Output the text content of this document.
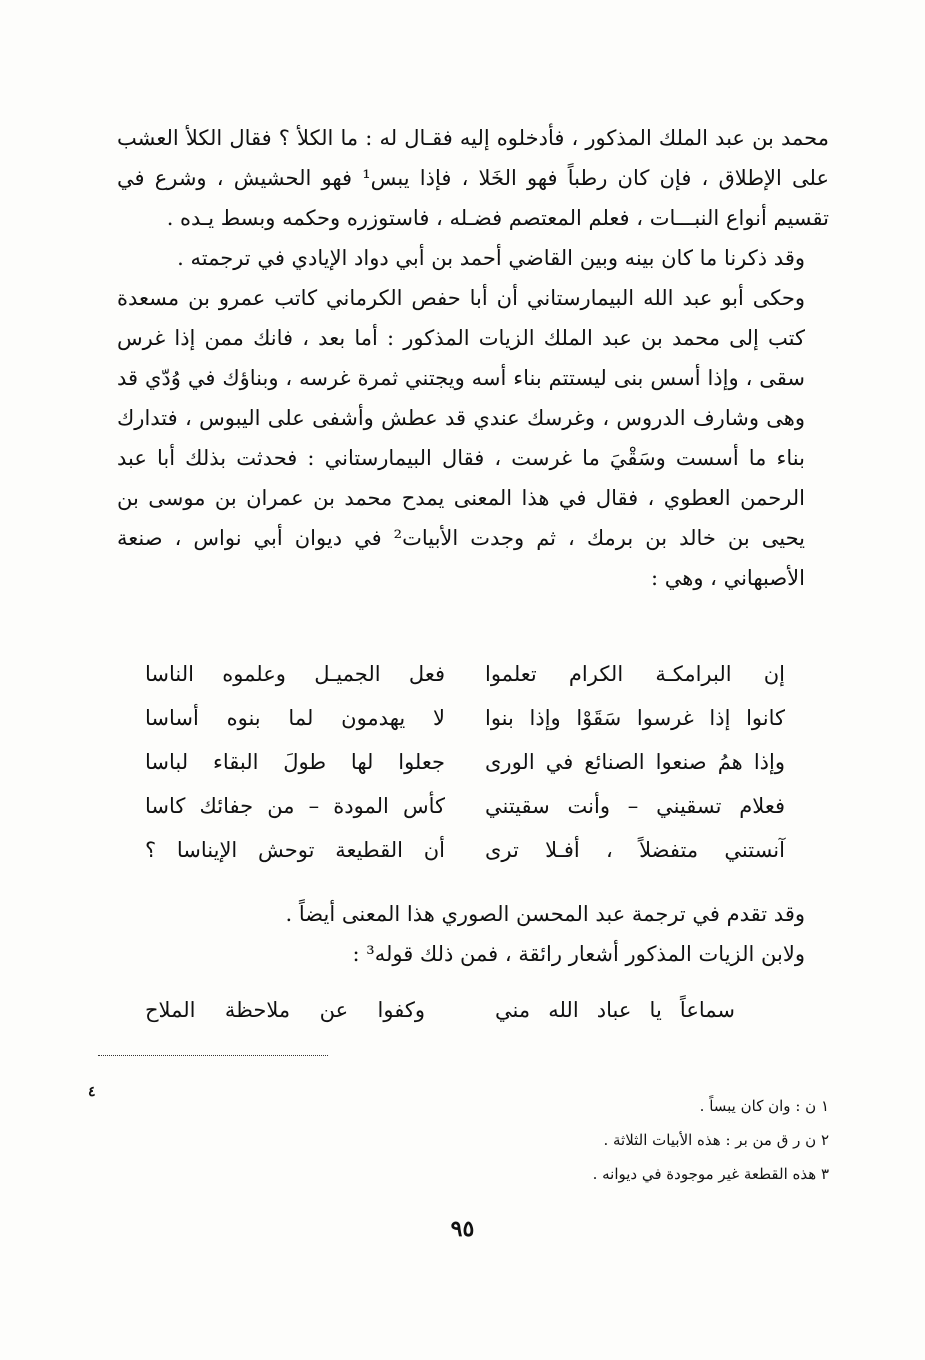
محمد بن عبد الملك المذكور ، فأدخلوه إليه فقـال له : ما الكلأ ؟ فقال الكلأ العشب على الإطلاق ، فإن كان رطباً فهو الخَلا ، فإذا يبس¹ فهو الحشيش ، وشرع في تقسيم أنواع النبـــات ، فعلم المعتصم فضـله ، فاستوزره وحكمه وبسط يـده .

وقد ذكرنا ما كان بينه وبين القاضي أحمد بن أبي دواد الإيادي في ترجمته .

وحكى أبو عبد الله البيمارستاني أن أبا حفص الكرماني كاتب عمرو بن مسعدة كتب إلى محمد بن عبد الملك الزيات المذكور : أما بعد ، فانك ممن إذا غرس سقى ، وإذا أسس بنى ليستتم بناء أسه ويجتني ثمرة غرسه ، وبناؤك في وُدّي قد وهى وشارف الدروس ، وغرسك عندي قد عطش وأشفى على اليبوس ، فتدارك بناء ما أسست وسَقْيَ ما غرست ، فقال البيمارستاني : فحدثت بذلك أبا عبد الرحمن العطوي ، فقال في هذا المعنى يمدح محمد بن عمران بن موسى بن يحيى بن خالد بن برمك ، ثم وجدت الأبيات² في ديوان أبي نواس ، صنعة الأصبهاني ، وهي :

إن البرامكـة الكرام تعلموا
فعل الجميـل وعلموه الناسا
كانوا إذا غرسوا سَقَوْا وإذا بنوا
لا يهدمون لما بنوه أساسا
وإذا همُ صنعوا الصنائع في الورى
جعلوا لها طولَ البقاء لباسا
فعلام تسقيني – وأنت سقيتني
كأس المودة – من جفائك كاسا
آنستني متفضلاً ، أفـلا ترى
أن القطيعة توحش الإيناسا ؟

وقد تقدم في ترجمة عبد المحسن الصوري هذا المعنى أيضاً .

ولابن الزيات المذكور أشعار رائقة ، فمن ذلك قوله³ :

سماعاً يا عباد الله مني
وكفوا عن ملاحظة الملاح
٤
١ ن : وان كان يبساً .
٢ ن ر ق من بر : هذه الأبيات الثلاثة .
٣ هذه القطعة غير موجودة في ديوانه .
٩٥
